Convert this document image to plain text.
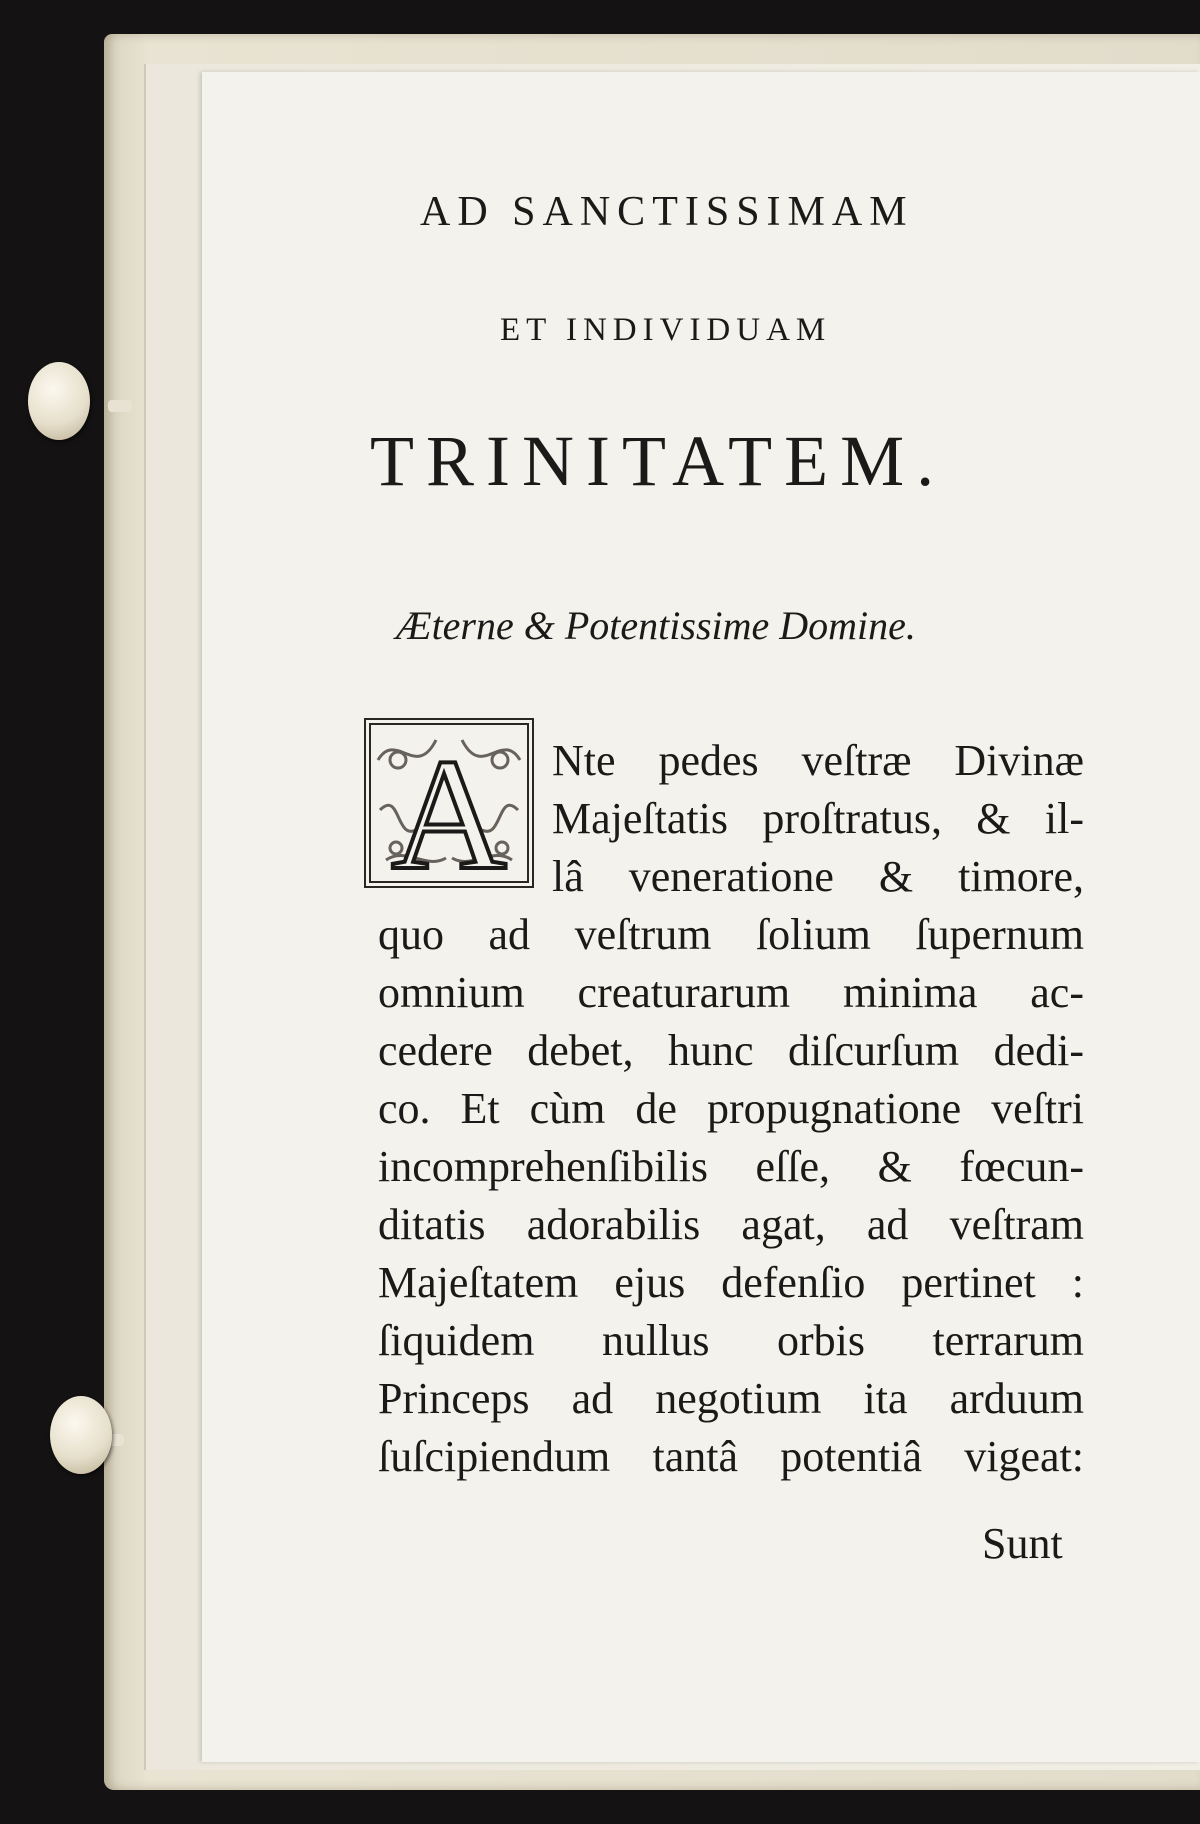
AD SANCTISSIMAM
ET INDIVIDUAM
TRINITATEM.
Æterne & Potentissime Domine.
A Nte pedes veſtræ Divinæ
Majeſtatis proſtratus, & il-
lâ veneratione & timore,
quo ad veſtrum ſolium ſupernum
omnium creaturarum minima ac-
cedere debet, hunc diſcurſum dedi-
co. Et cùm de propugnatione veſtri
incomprehenſibilis eſſe, & fœcun-
ditatis adorabilis agat, ad veſtram
Majeſtatem ejus defenſio pertinet :
ſiquidem nullus orbis terrarum
Princeps ad negotium ita arduum
ſuſcipiendum tantâ potentiâ vigeat:
Sunt
